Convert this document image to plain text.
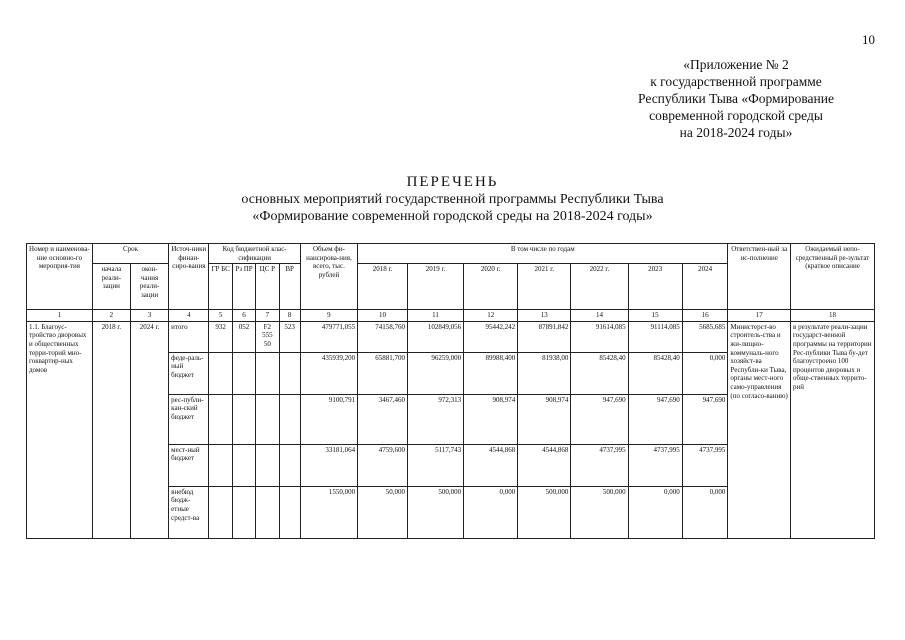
10
«Приложение № 2
к государственной программе
Республики Тыва «Формирование
современной городской среды
на 2018-2024 годы»
ПЕРЕЧЕНЬ
основных мероприятий государственной программы Республики Тыва
«Формирование современной городской среды на 2018-2024 годы»
Номер и наименова-ние основно-го мероприя-тия	Срок		Источ-ники финан-сиро-вания	Код бюджетной клас-сификации				Объем фи-нансирова-ния, всего, тыс. рублей	В том числе по годам							Ответствен-ный за ис-полнение	Ожидаемый непо-средственный ре-зультат (краткое описание
	начала реали-зации	окон-чания реали-зации		ГР БС	Рз ПР	ЦС Р	ВР		2018 г.	2019 г.	2020 г.	2021 г.	2022 г.	2023	2024		
1	2	3	4	5	6	7	8	9	10	11	12	13	14	15	16	17	18
1.1. Благоус-тройство дворовых и общественных терри-торий мно-гоквартир-ных домов	2018 г.	2024 г.	итого	932	052	F2 555 50	523	479771,055	74158,760	102849,056	95442,242	87891,842	91614,085	91114,085	5685,685	Министерст-во строитель-ства и жи-лищно-коммуналь-ного хозяйст-ва Республи-ки Тыва, органы мест-ного само-управления (по согласо-ванию)	в результате реали-зации государст-венной программы на территории Рес-публики Тыва бу-дет благоустроено 100 процентов дворовых и обще-ственных террито-рий
			феде-раль-ный бюджет					435939,200	65881,700	96259,000	89988,400	81938,00	85428,40	85428,40	0,000		
			рес-публи-кан-ский бюджет					9100,791	3467,460	972,313	908,974	908,974	947,690	947,690	947,690		
			мест-ный бюджет					33181,064	4759,600	5117,743	4544,868	4544,868	4737,995	4737,995	4737,995		
			внебюд бюдж-етные средст-ва					1550,000	50,000	500,000	0,000	500,000	500,000	0,000	0,000		
